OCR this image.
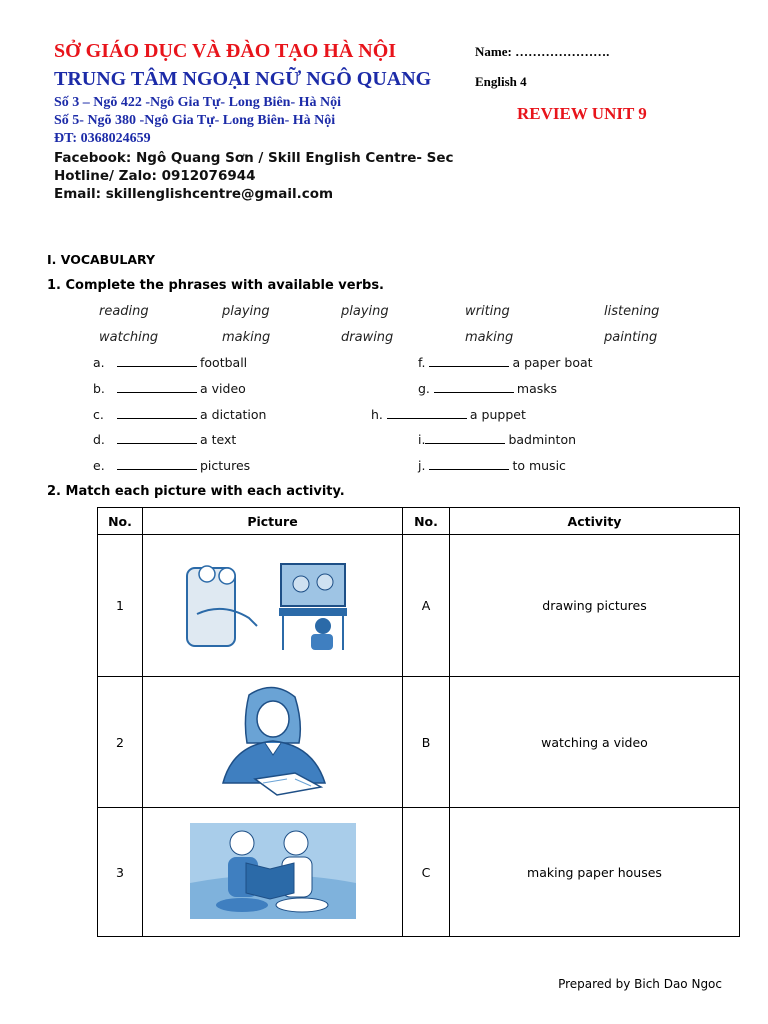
SỞ GIÁO DỤC VÀ ĐÀO TẠO HÀ NỘI
TRUNG TÂM NGOẠI NGỮ NGÔ QUANG
Số 3 – Ngõ 422 -Ngô Gia Tự- Long Biên- Hà Nội
Số 5- Ngõ 380 -Ngô Gia Tự- Long Biên- Hà Nội
ĐT: 0368024659
Facebook: Ngô Quang Sơn / Skill English Centre- Sec
Hotline/ Zalo: 0912076944
Email: skillenglishcentre@gmail.com
Name: ………………….
English 4
REVIEW UNIT 9
I. VOCABULARY
1. Complete the phrases with available verbs.
reading	playing	playing	writing	listening
watching	making	drawing	making	painting
a.	football
b.	a video
c.	a dictation
d.	a text
e.	pictures
f.	a paper boat
g.	masks
h.	a puppet
i.	badminton
j.	to music
2. Match each picture with each activity.
No.	Picture	No.	Activity
1		A	drawing pictures
2		B	watching a video
3		C	making paper houses
Prepared by Bich Dao Ngoc
